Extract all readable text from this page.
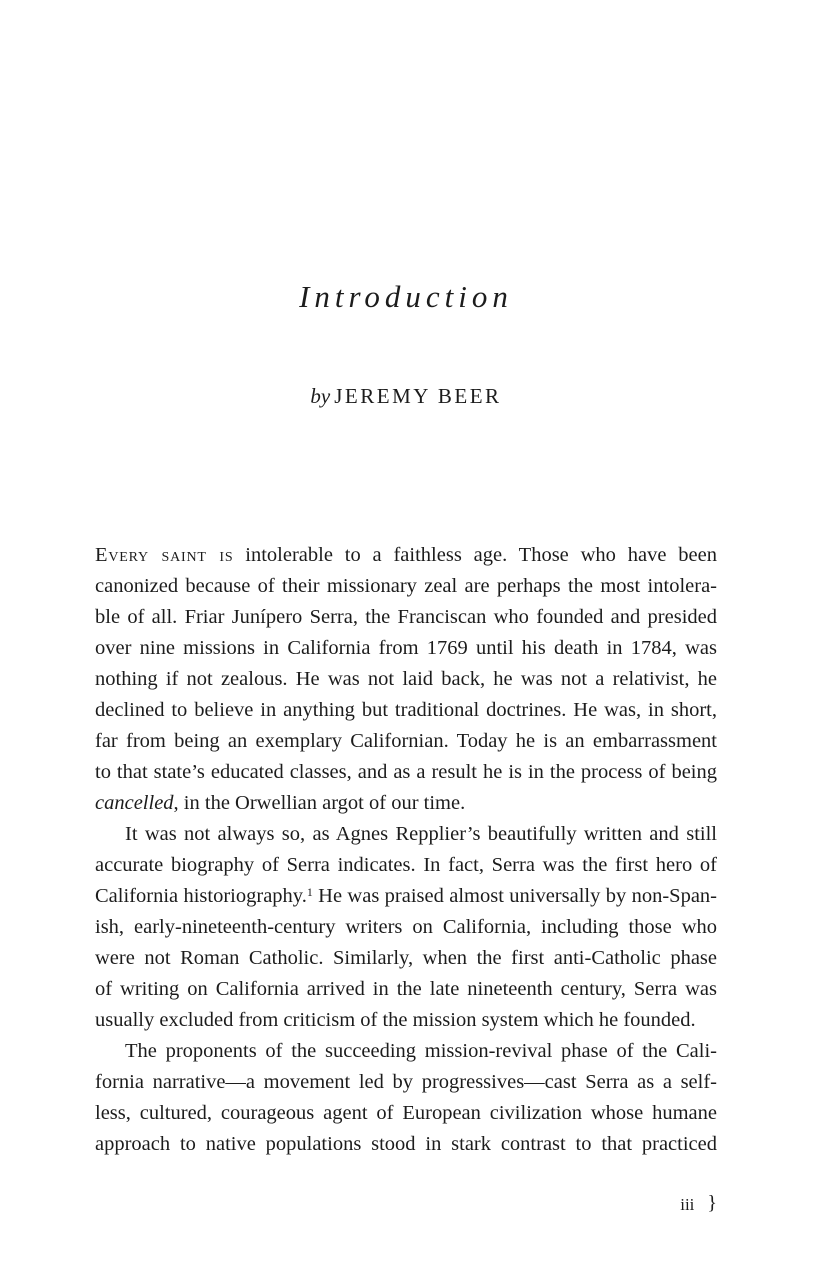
Introduction
by JEREMY BEER
Every saint is intolerable to a faithless age. Those who have been
canonized because of their missionary zeal are perhaps the most intolera-
ble of all. Friar Junípero Serra, the Franciscan who founded and presided
over nine missions in California from 1769 until his death in 1784, was
nothing if not zealous. He was not laid back, he was not a relativist, he
declined to believe in anything but traditional doctrines. He was, in short,
far from being an exemplary Californian. Today he is an embarrassment
to that state’s educated classes, and as a result he is in the process of being
cancelled, in the Orwellian argot of our time.
It was not always so, as Agnes Repplier’s beautifully written and still
accurate biography of Serra indicates. In fact, Serra was the first hero of
California historiography.$^1$ He was praised almost universally by non-Span-
ish, early-nineteenth-century writers on California, including those who
were not Roman Catholic. Similarly, when the first anti-Catholic phase
of writing on California arrived in the late nineteenth century, Serra was
usually excluded from criticism of the mission system which he founded.
The proponents of the succeeding mission-revival phase of the Cali-
fornia narrative—a movement led by progressives—cast Serra as a self-
less, cultured, courageous agent of European civilization whose humane
approach to native populations stood in stark contrast to that practiced
iii }
